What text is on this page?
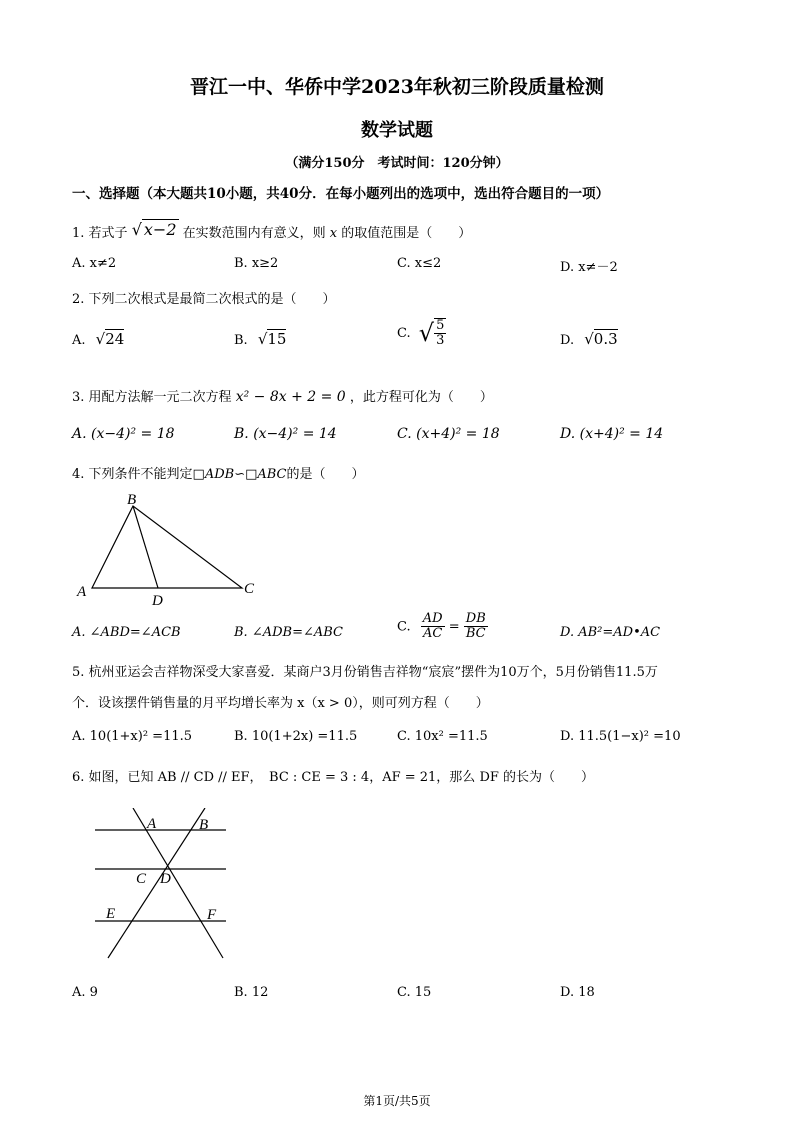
晋江一中、华侨中学2023年秋初三阶段质量检测
数学试题
（满分150分　考试时间：120分钟）
一、选择题（本大题共10小题，共40分．在每小题列出的选项中，选出符合题目的一项）
1. 若式子 √ x−2 在实数范围内有意义，则 x 的取值范围是（　　）
A. x≠2	B. x≥2	C. x≤2	D. x≠－2
2. 下列二次根式是最简二次根式的是（　　）
A. √24	B. √15	C. √ $\frac{5}{3}$	D. √0.3
3. 用配方法解一元二次方程 x² − 8x + 2 = 0 ，此方程可化为（　　）
A. (x−4)² = 18	B. (x−4)² = 14	C. (x+4)² = 18	D. (x+4)² = 14
4. 下列条件不能判定□ADB∽□ABC的是（　　）
B
A
D
C
A. ∠ABD=∠ACB	B. ∠ADB=∠ABC	C. $\frac{AD}{AC} = \frac{DB}{BC}$	D. AB²=AD•AC
5. 杭州亚运会吉祥物深受大家喜爱．某商户3月份销售吉祥物“宸宸”摆件为10万个，5月份销售11.5万
个．设该摆件销售量的月平均增长率为 x（x > 0），则可列方程（　　）
A. 10(1+x)² =11.5	B. 10(1+2x) =11.5	C. 10x² =11.5	D. 11.5(1−x)² =10
6. 如图，已知 AB // CD // EF，　BC : CE = 3 : 4，AF = 21，那么 DF 的长为（　　）
A	B
C D
E	F
A. 9	B. 12	C. 15	D. 18
第1页/共5页
